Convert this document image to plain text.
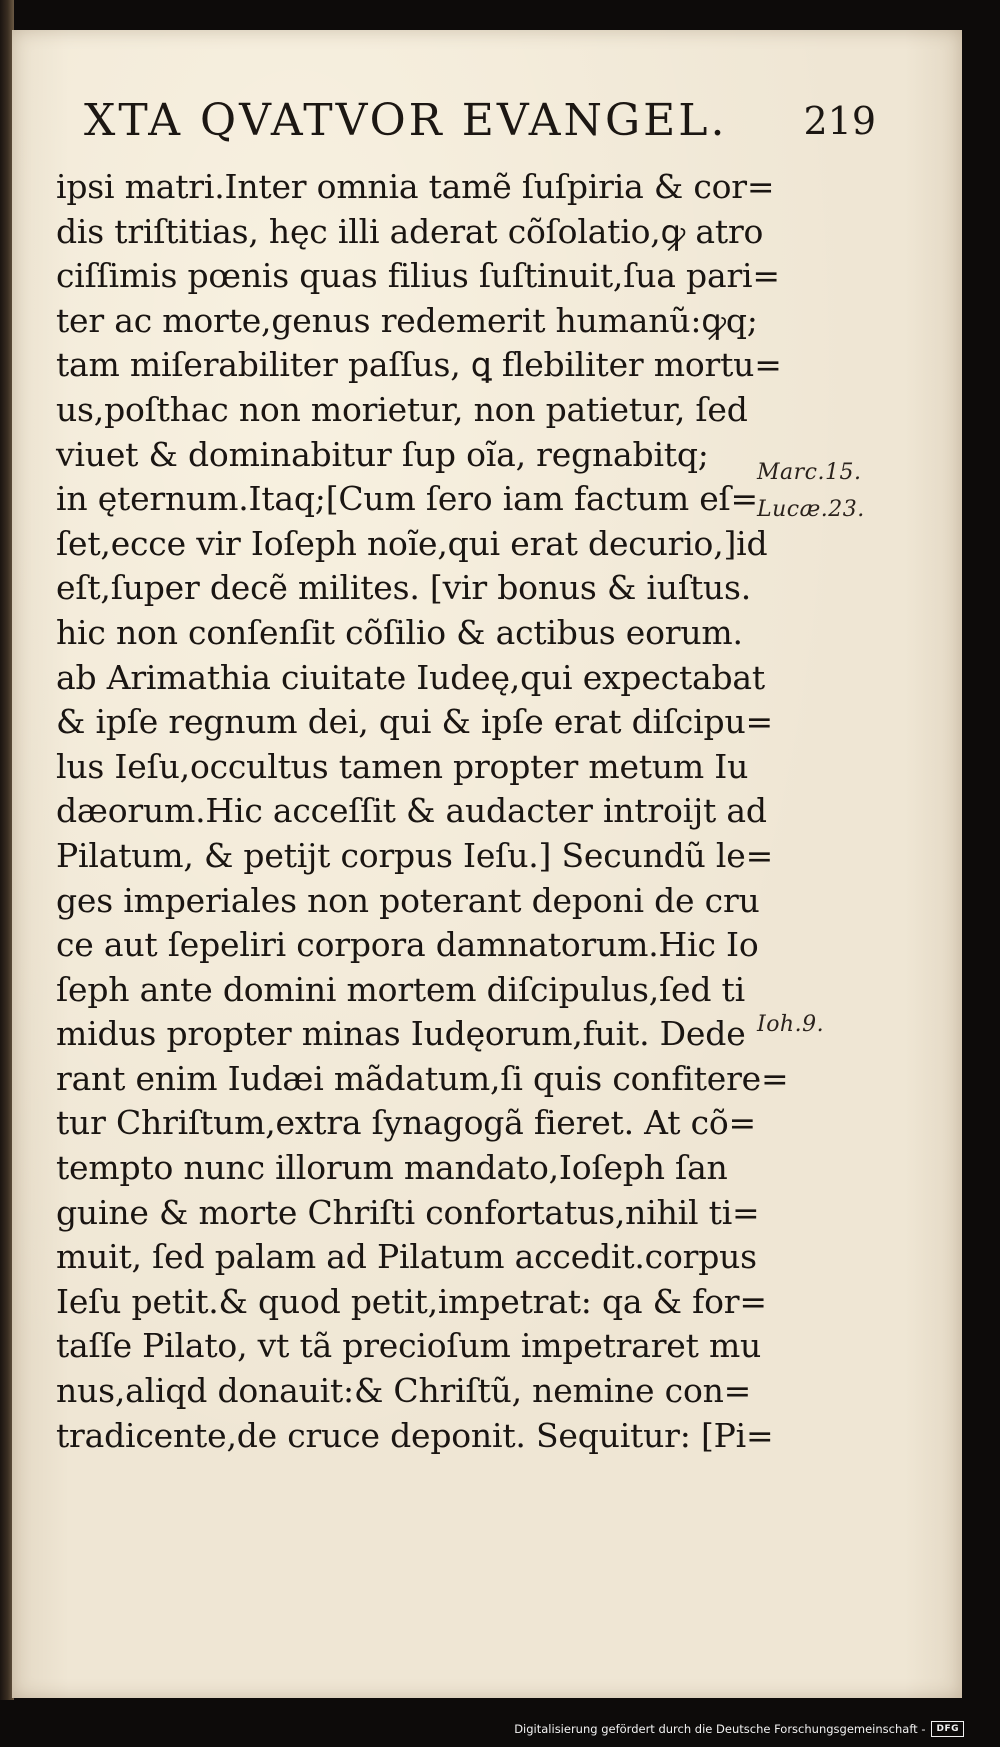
XTA QVATVOR EVANGEL. 219
ipsi matri.Inter omnia tamẽ ſuſpiria & cor=
dis triſtitias, hęc illi aderat cõſolatio,ꝙ atro
ciſſimis pœnis quas filius ſuſtinuit,ſua pari=
ter ac morte,genus redemerit humanũ:ꝙq;
tam miſerabiliter paſſus, ꝗ flebiliter mortu=
us,poſthac non morietur, non patietur, ſed
viuet & dominabitur ſup oĩa, regnabitq;
in ęternum.Itaq;[Cum ſero iam factum eſ=
ſet,ecce vir Ioſeph noĩe,qui erat decurio,]id
eſt,ſuper decẽ milites. [vir bonus & iuſtus.
hic non conſenſit cõſilio & actibus eorum.
ab Arimathia ciuitate Iudeę,qui expectabat
& ipſe regnum dei, qui & ipſe erat diſcipu=
lus Ieſu,occultus tamen propter metum Iu
dæorum.Hic acceſſit & audacter introijt ad
Pilatum, & petijt corpus Ieſu.] Secundũ le=
ges imperiales non poterant deponi de cru
ce aut ſepeliri corpora damnatorum.Hic Io
ſeph ante domini mortem diſcipulus,ſed ti
midus propter minas Iudęorum,fuit. Dede
rant enim Iudæi mãdatum,ſi quis confitere=
tur Chriſtum,extra ſynagogã fieret. At cõ=
tempto nunc illorum mandato,Ioſeph ſan
guine & morte Chriſti confortatus,nihil ti=
muit, ſed palam ad Pilatum accedit.corpus
Ieſu petit.& quod petit,impetrat: qa & for=
taſſe Pilato, vt tã precioſum impetraret mu
nus,aliqd donauit:& Chriſtũ, nemine con=
tradicente,de cruce deponit. Sequitur: [Pi=
Marc.15.
Lucæ.23.
Ioh.9.
Digitalisierung gefördert durch die Deutsche Forschungsgemeinschaft -	DFG
